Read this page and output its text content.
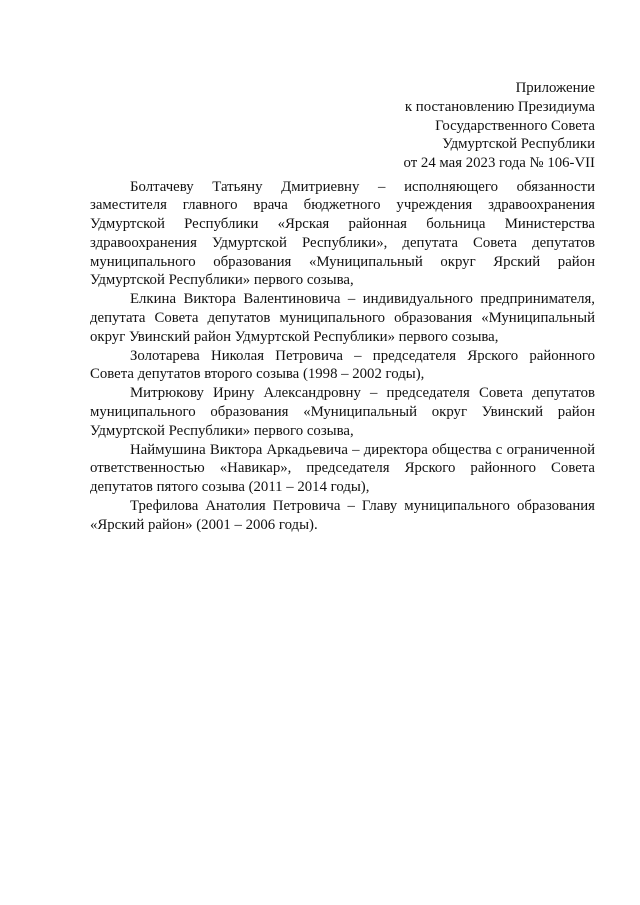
Приложение
к постановлению Президиума
Государственного Совета
Удмуртской Республики
от 24 мая 2023 года № 106-VII

Болтачеву Татьяну Дмитриевну – исполняющего обязанности заместителя главного врача бюджетного учреждения здравоохранения Удмуртской Республики «Ярская районная больница Министерства здравоохранения Удмуртской Республики», депутата Совета депутатов муниципального образования «Муниципальный округ Ярский район Удмуртской Республики» первого созыва,

Елкина Виктора Валентиновича – индивидуального предпринимателя, депутата Совета депутатов муниципального образования «Муниципальный округ Увинский район Удмуртской Республики» первого созыва,

Золотарева Николая Петровича – председателя Ярского районного Совета депутатов второго созыва (1998 – 2002 годы),

Митрюкову Ирину Александровну – председателя Совета депутатов муниципального образования «Муниципальный округ Увинский район Удмуртской Республики» первого созыва,

Наймушина Виктора Аркадьевича – директора общества с ограниченной ответственностью «Навикар», председателя Ярского районного Совета депутатов пятого созыва (2011 – 2014 годы),

Трефилова Анатолия Петровича – Главу муниципального образования «Ярский район» (2001 – 2006 годы).
